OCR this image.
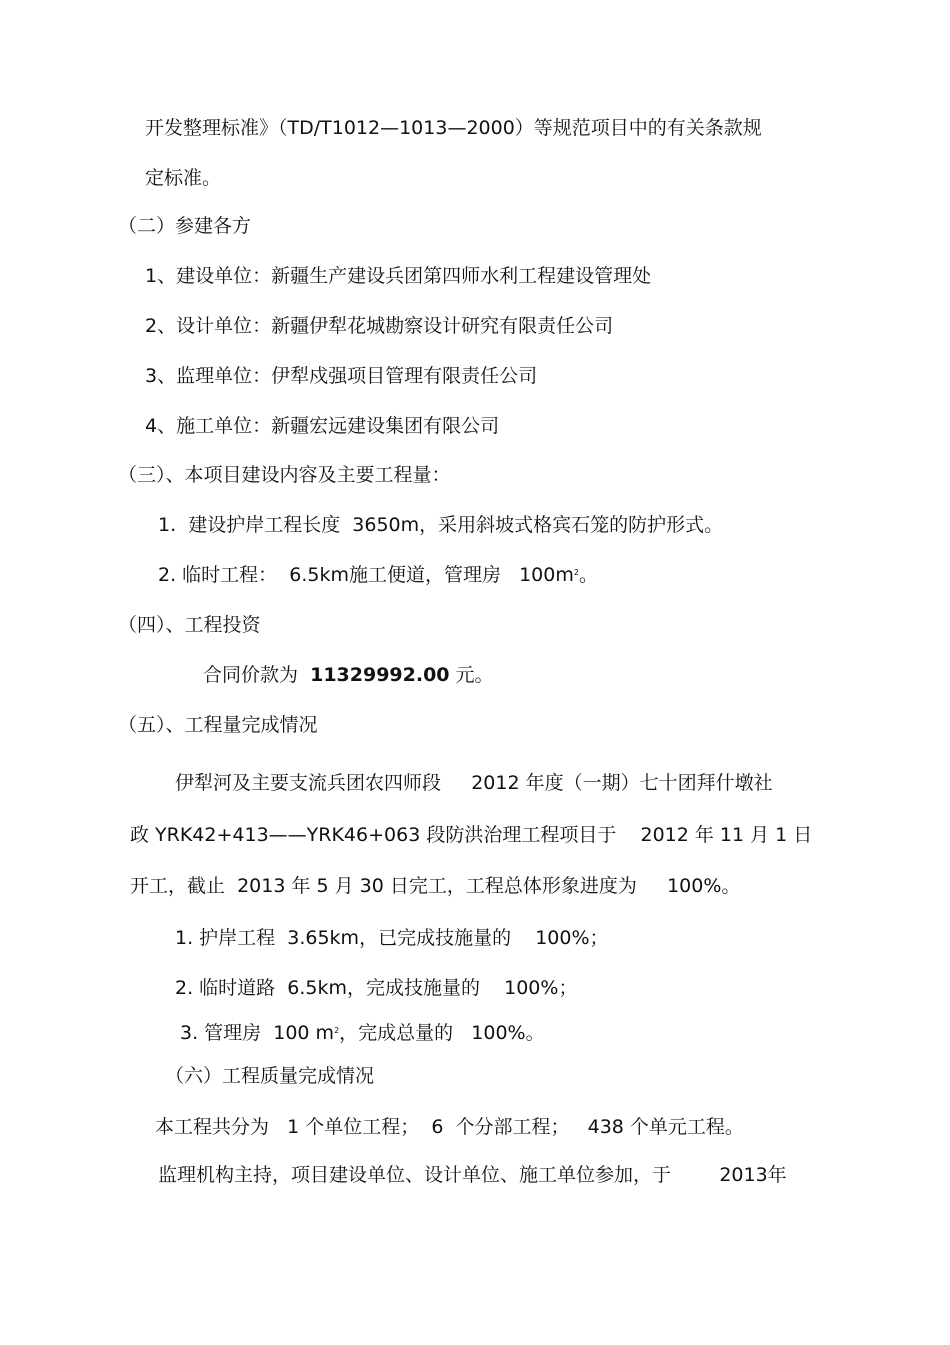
开发整理标准》（TD/T1012—1013—2000）等规范项目中的有关条款规
定标准。
（二）参建各方
1、建设单位：新疆生产建设兵团第四师水利工程建设管理处
2、设计单位：新疆伊犁花城勘察设计研究有限责任公司
3、监理单位：伊犁戍强项目管理有限责任公司
4、施工单位：新疆宏远建设集团有限公司
（三）、本项目建设内容及主要工程量：
1.  建设护岸工程长度  3650m，采用斜坡式格宾石笼的防护形式。
2. 临时工程：  6.5km施工便道，管理房   $100m^2$。
（四）、工程投资
合同价款为  11329992.00 元。
（五）、工程量完成情况
伊犁河及主要支流兵团农四师段     2012 年度（一期）七十团拜什墩社
政 YRK42+413——YRK46+063 段防洪治理工程项目于    2012 年 11 月 1 日
开工，截止  2013 年 5 月 30 日完工，工程总体形象进度为     100%。
1. 护岸工程  3.65km，已完成技施量的    100%；
2. 临时道路  6.5km，完成技施量的    100%；
3. 管理房  100 $m^2$，完成总量的   100%。
（六）工程质量完成情况
本工程共分为   1 个单位工程；  6  个分部工程；   438 个单元工程。
监理机构主持，项目建设单位、设计单位、施工单位参加，于        2013年
